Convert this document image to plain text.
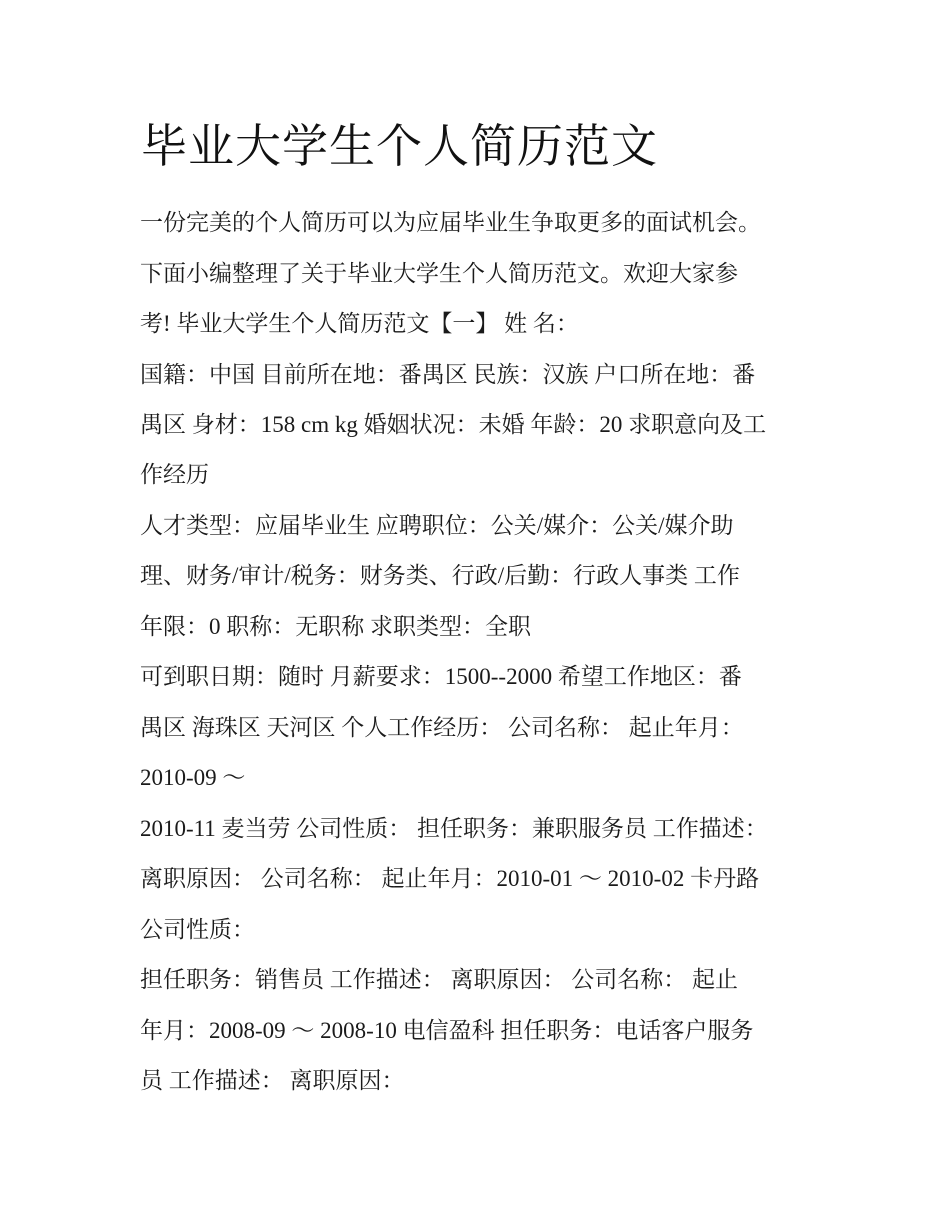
毕业大学生个人简历范文
一份完美的个人简历可以为应届毕业生争取更多的面试机会。
下面小编整理了关于毕业大学生个人简历范文。欢迎大家参
考! 毕业大学生个人简历范文【一】 姓 名：
国籍：中国 目前所在地：番禺区 民族：汉族 户口所在地：番
禺区 身材：158 cm kg 婚姻状况：未婚 年龄：20 求职意向及工
作经历
人才类型：应届毕业生 应聘职位：公关/媒介：公关/媒介助
理、财务/审计/税务：财务类、行政/后勤：行政人事类 工作
年限：0 职称：无职称 求职类型：全职
可到职日期：随时 月薪要求：1500--2000 希望工作地区：番
禺区 海珠区 天河区 个人工作经历： 公司名称： 起止年月：
2010-09 ～
2010-11 麦当劳 公司性质： 担任职务：兼职服务员 工作描述：
离职原因： 公司名称： 起止年月：2010-01 ～ 2010-02 卡丹路
公司性质：
担任职务：销售员 工作描述： 离职原因： 公司名称： 起止
年月：2008-09 ～ 2008-10 电信盈科 担任职务：电话客户服务
员 工作描述： 离职原因：
